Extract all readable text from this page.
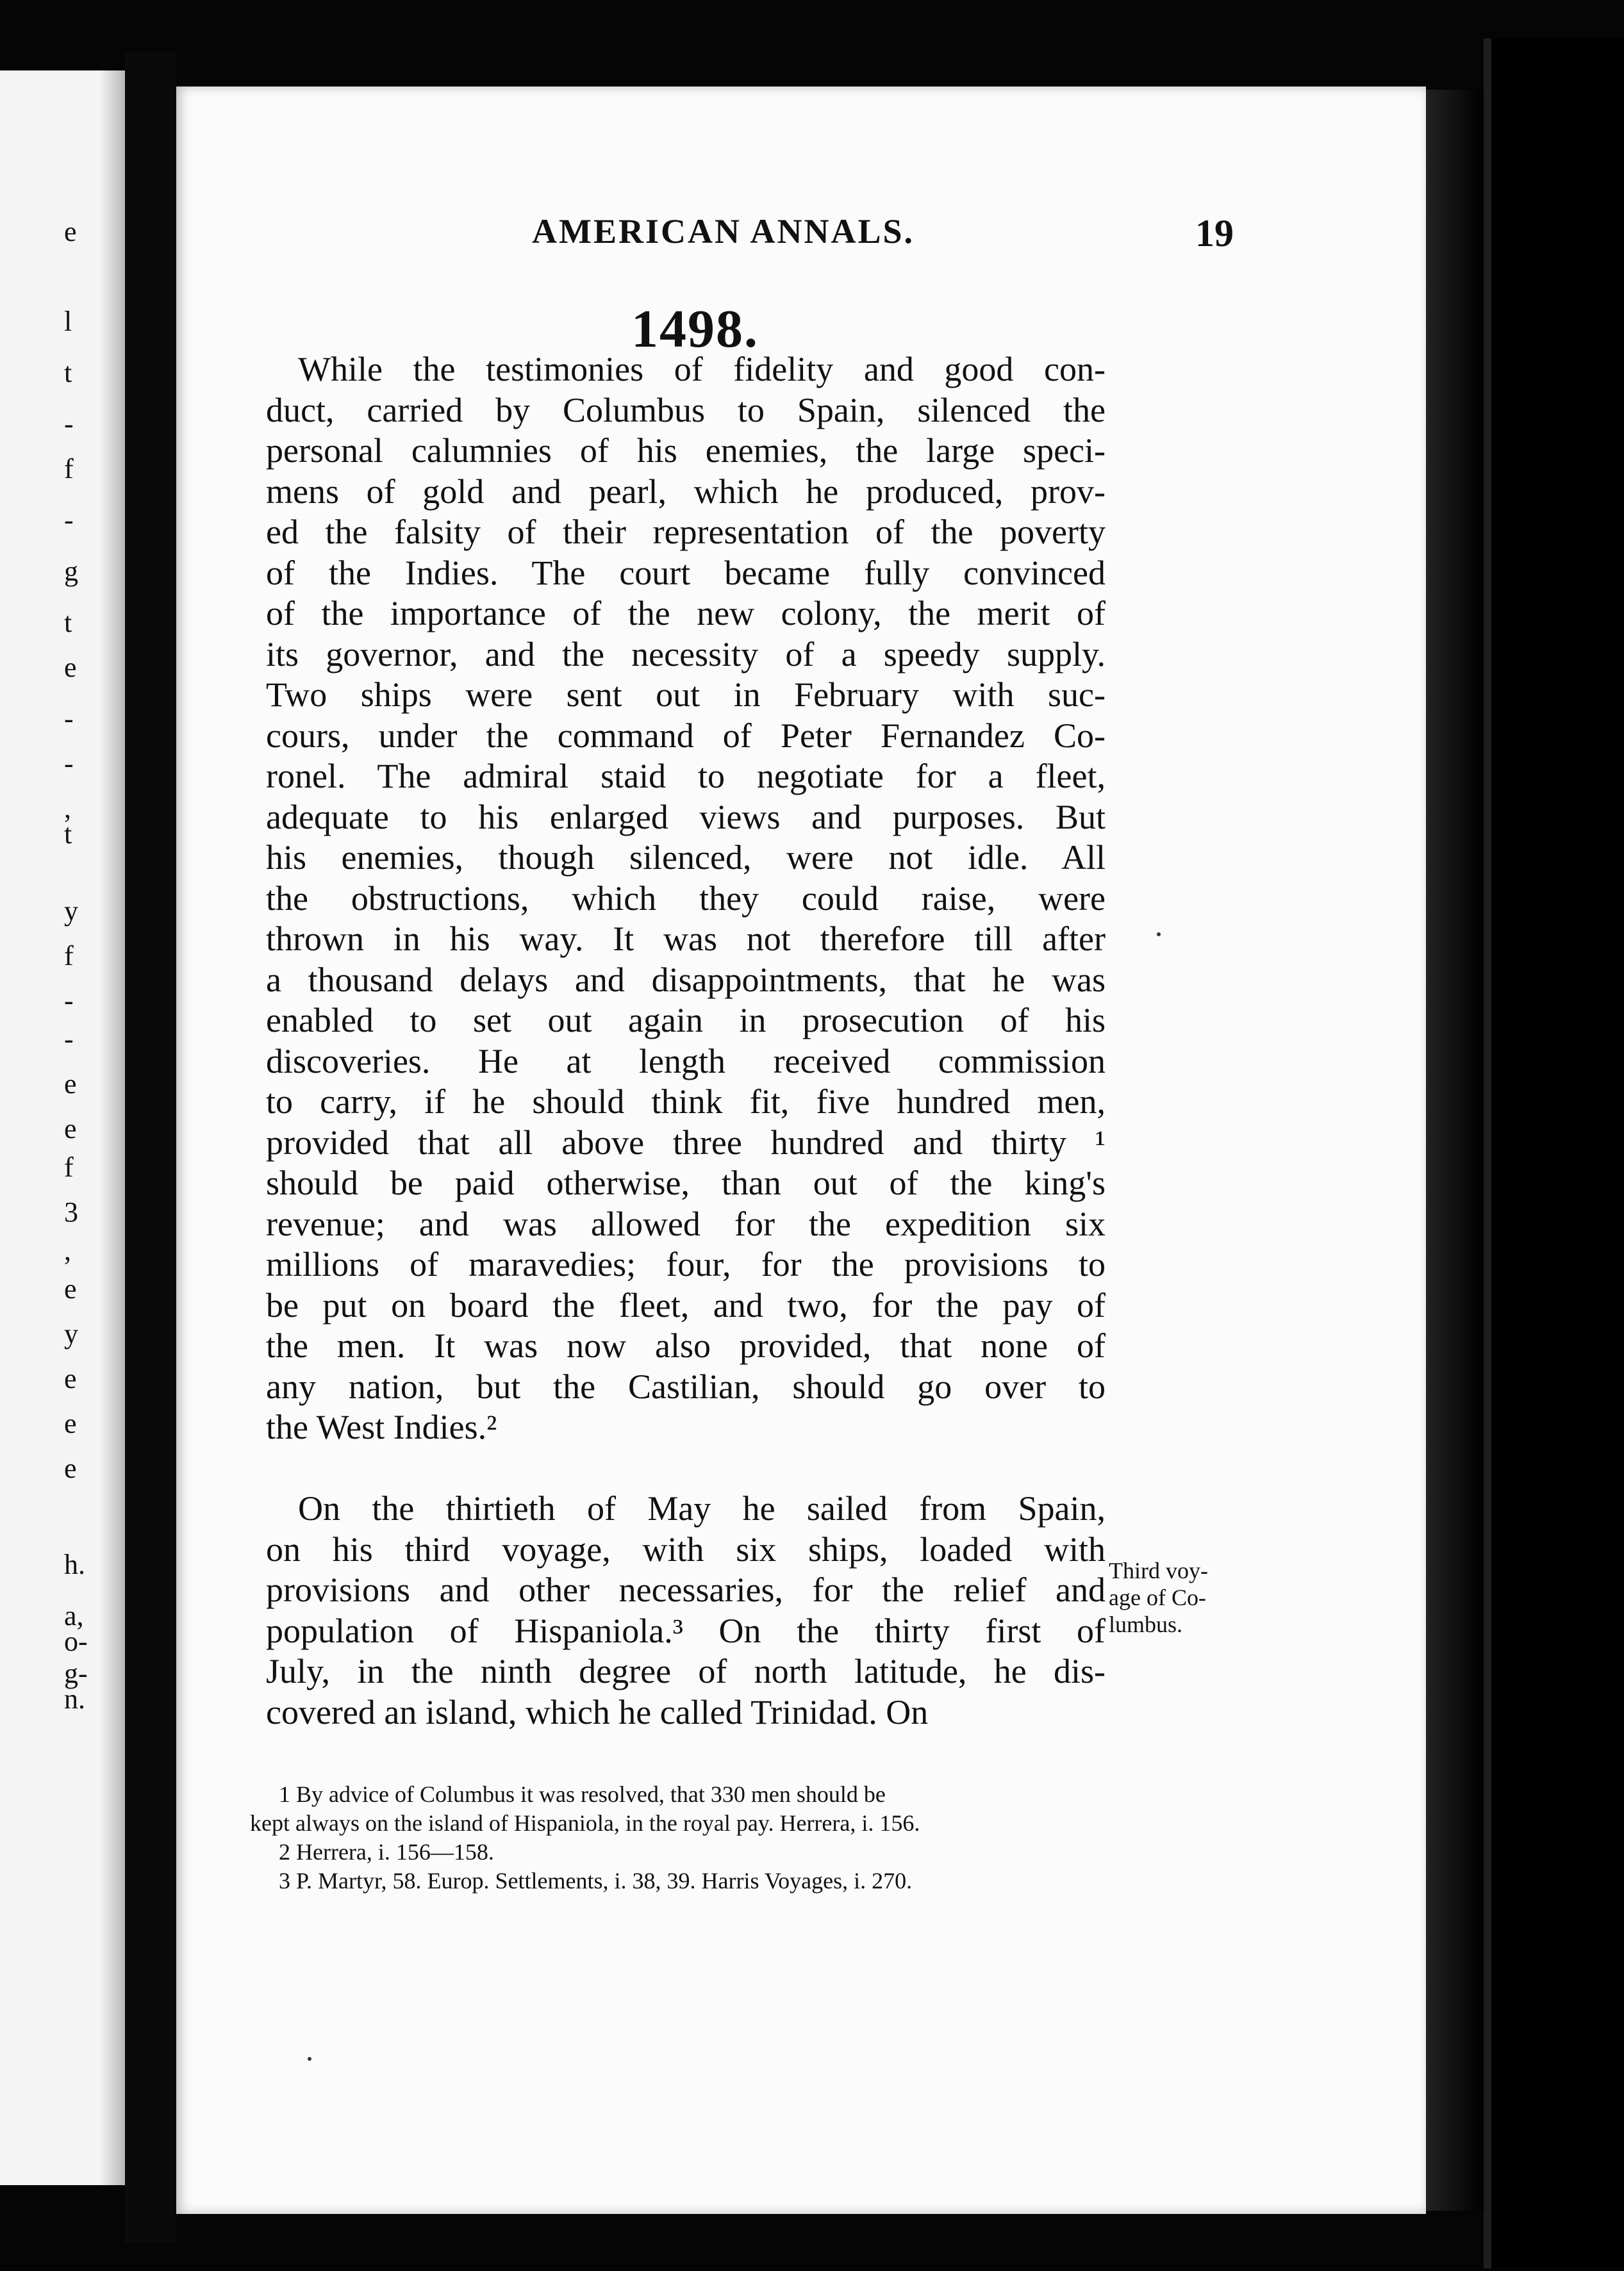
e
l
t
-
f
-
g
t
e
-
-
,
t
y
f
-
-
e
e
f
3
,
e
y
e
e
e
h.
a,
o-
g-
n.
AMERICAN ANNALS.	19
1498.
While the testimonies of fidelity and good con-
duct, carried by Columbus to Spain, silenced the
personal calumnies of his enemies, the large speci-
mens of gold and pearl, which he produced, prov-
ed the falsity of their representation of the poverty
of the Indies. The court became fully convinced
of the importance of the new colony, the merit of
its governor, and the necessity of a speedy supply.
Two ships were sent out in February with suc-
cours, under the command of Peter Fernandez Co-
ronel. The admiral staid to negotiate for a fleet,
adequate to his enlarged views and purposes. But
his enemies, though silenced, were not idle. All
the obstructions, which they could raise, were
thrown in his way. It was not therefore till after
a thousand delays and disappointments, that he was
enabled to set out again in prosecution of his
discoveries. He at length received commission
to carry, if he should think fit, five hundred men,
provided that all above three hundred and thirty ¹
should be paid otherwise, than out of the king's
revenue; and was allowed for the expedition six
millions of maravedies; four, for the provisions to
be put on board the fleet, and two, for the pay of
the men. It was now also provided, that none of
any nation, but the Castilian, should go over to
the West Indies.²
On the thirtieth of May he sailed from Spain,
on his third voyage, with six ships, loaded with
provisions and other necessaries, for the relief and
population of Hispaniola.³ On the thirty first of
July, in the ninth degree of north latitude, he dis-
covered an island, which he called Trinidad. On
Third voy-
age of Co-
lumbus.
1 By advice of Columbus it was resolved, that 330 men should be
kept always on the island of Hispaniola, in the royal pay. Herrera, i. 156.
2 Herrera, i. 156—158.
3 P. Martyr, 58. Europ. Settlements, i. 38, 39. Harris Voyages, i. 270.
